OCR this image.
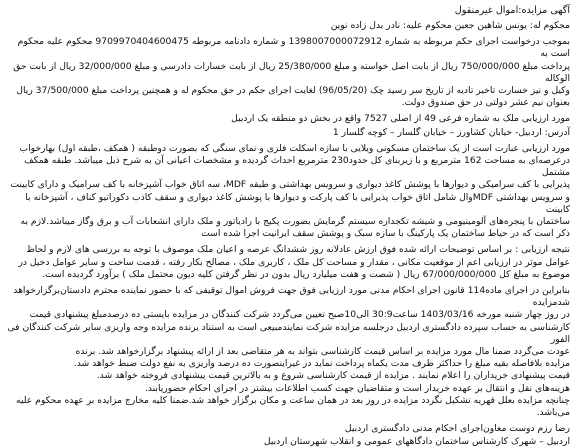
آگهی مزایده:اموال غیرمنقول

محکوم له: یونس شاهین جعین محکوم علیه: نادر بدل زاده نوین

بموجب درخواست اجرای حکم مربوطه به شماره 1398007000072912 و شماره دادنامه مربوطه 9709970404600475 محکوم علیه محکوم است به

پرداخت مبلغ 750/000/000 ریال از بابت اصل خواسته و مبلغ 25/380/000 ریال از بابت خسارات دادرسی و مبلغ 32/000/000 ریال از بابت حق الوکاله

وکیل و نیز خسارت تاخیر تادیه از تاریخ سر رسید چک (96/05/20) لغایت اجرای حکم در حق محکوم له و همچنین پرداخت مبلغ 37/500/000 ریال

بعنوان نیم عشر دولتی در حق صندوق دولت.

مورد ارزیابی ملک به شماره فرعی 49 از اصلی 7527 واقع در بخش دو منطقه یک اردبیل

آدرس: اردبیل- خیابان کشاورز – خیابان گلسار – کوچه گلسار 1

مورد ارزیابی عبارت است از یک ساختمان مسکونی ویلایی با سازه اسکلت فلزی و نمای سنگی که بصورت دوطبقه ( همکف ،طبقه اول) بهارخواب

درعرصه‌ای به مساحت 162 مترمربع و با زیربنای کل حدود230 مترمربع احداث گردیده و مشخصات اعیانی آن به شرح ذیل میباشد. طبقه همکف مشتمل

پذیرایی با کف سرامیکی و دیوارها با پوشش کاغذ دیواری و سرویس بهداشتی و طبقه MDF، سه اتاق خواب آشپزخانه با کف سرامیک و دارای کابینت

و سرویس بهداشتی MDFوال شامل اتاق خواب پذیرایی با کف پارکت و دیوارها با پوشش کاغذ دیواری و سقف کاذب دکوراتیو کناف ، آشپزخانه با کابینت

ساختمان با پنجره‌های آلومینیومی و شیشه تکجداره سیستم گرمایش بصورت پکیج با رادیاتور و ملک دارای انشعابات آب و برق وگاز میباشد.لازم به

ذکر است که در حیاط ساختمان یک پارکینگ با سازه سبک و پوشش سقف ایرانیت اجرا شده است

نتیجه ارزیابی : بر اساس توضیحات ارائه شده فوق ارزش عادلانه روز ششدانگ عرصه و اعیان ملک موصوف با توجه به بررسی های لازم و لحاظ

عوامل موثر در ارزیابی اعم از موقعیت مکانی ، مقدار و مساحت کل ملک ، کاربری ملک ، مصالح بکار رفته ، قدمت ساخت و سایر عوامل دخیل در

موضوع به مبلغ کل 67/000/000/000 ریال ( شصت و هفت میلیارد ریال بدون در نظر گرفتن کلیه دیون محتمل ملک ) برآورد گردیده است.

بنابراین در اجرای ماده114 قانون اجرای احکام مدنی مورد ارزیابی فوق جهت فروش اموال توقیفی که با حضور نماینده محترم دادستان‌برگزارخواهد شدمزایده

در روز چهار شنبه مورخه 1403/03/16 ساعت30:9 الی10صبح تعیین می‌گردد شرکت کنندگان در مزایده بایستی ده درصدمبلغ پیشنهادی قیمت

کارشناسی به حساب سپرده دادگستری اردبیل درجلسه مزایده شرکت نمایندمبیعی است به استناد برنده مزایده وجه واریزی سایر شرکت کنندگان فی الفور

عودت می‌گردد ضمنا مال مورد مزایده بر اساس قیمت کارشناسی بتواند به هر متقاضی بعد از ارائه پیشنهاد برگزارخواهد شد. برنده

مزایده بلافاصله بقیه مبلغ را حداکثر ظرف مدت یکماه پرداخت نماید در غیراینصورت ده درصد واریزی به نفع دولت ضبط خواهد شد.

قیمت پیشنهادی خریداران را اعلام نمایند . مزایده از قیمت کارشناسی شروع و به بالاترین قیمت پیشنهادی فروخته خواهد شد.

هزینه‌های نقل و انتقال بر عهده خریدار است و متقاضیان جهت کسب اطلاعات بیشتر در اجرای احکام حضوریابند.

چنانچه مزایده بعلل قهریه تشکیل نگردد مزایده در روز بعد در همان ساعت و مکان برگزار خواهد شد.ضمنا کلیه مخارج مزایده بر عهده محکوم علیه می‌باشد.

رضا رزم دوست معاون‌اجرای احکام مدنی دادگستری اردبیل

اردبیل – شهرک کارشناس ساختمان دادگاههای عمومی و انقلاب شهرستان اردبیل
